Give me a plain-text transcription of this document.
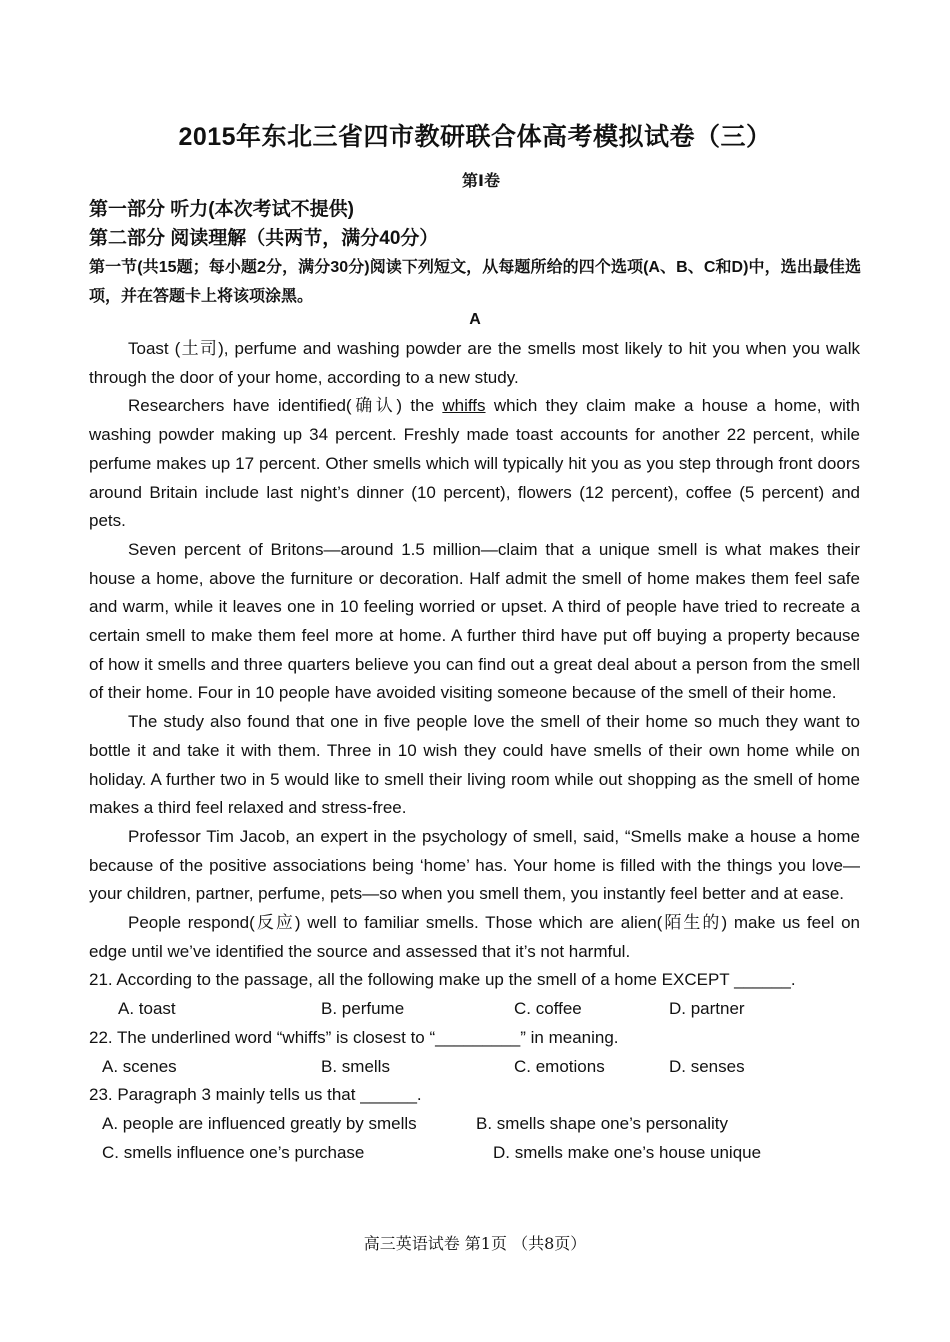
2015年东北三省四市教研联合体高考模拟试卷（三）
第Ⅰ卷
第一部分 听力(本次考试不提供)
第二部分 阅读理解（共两节，满分40分）
第一节(共15题；每小题2分，满分30分)阅读下列短文，从每题所给的四个选项(A、B、C和D)中，选出最佳选项，并在答题卡上将该项涂黑。
A

Toast (土司), perfume and washing powder are the smells most likely to hit you when you walk through the door of your home, according to a new study.

Researchers have identified(确认) the whiffs which they claim make a house a home, with washing powder making up 34 percent. Freshly made toast accounts for another 22 percent, while perfume makes up 17 percent. Other smells which will typically hit you as you step through front doors around Britain include last night’s dinner (10 percent), flowers (12 percent), coffee (5 percent) and pets.

Seven percent of Britons—around 1.5 million—claim that a unique smell is what makes their house a home, above the furniture or decoration. Half admit the smell of home makes them feel safe and warm, while it leaves one in 10 feeling worried or upset. A third of people have tried to recreate a certain smell to make them feel more at home. A further third have put off buying a property because of how it smells and three quarters believe you can find out a great deal about a person from the smell of their home. Four in 10 people have avoided visiting someone because of the smell of their home.

The study also found that one in five people love the smell of their home so much they want to bottle it and take it with them. Three in 10 wish they could have smells of their own home while on holiday. A further two in 5 would like to smell their living room while out shopping as the smell of home makes a third feel relaxed and stress-free.

Professor Tim Jacob, an expert in the psychology of smell, said, “Smells make a house a home because of the positive associations being ‘home’ has. Your home is filled with the things you love—your children, partner, perfume, pets—so when you smell them, you instantly feel better and at ease.

People respond(反应) well to familiar smells. Those which are alien(陌生的) make us feel on edge until we’ve identified the source and assessed that it’s not harmful.

21. According to the passage, all the following make up the smell of a home EXCEPT ______.
A. toast	B. perfume	C. coffee	D. partner
22. The underlined word “whiffs” is closest to “_________” in meaning.
A. scenes	B. smells	C. emotions	D. senses
23. Paragraph 3 mainly tells us that ______.
A. people are influenced greatly by smells	B. smells shape one’s personality
C. smells influence one’s purchase	D. smells make one’s house unique
高三英语试卷 第1页 （共8页）
